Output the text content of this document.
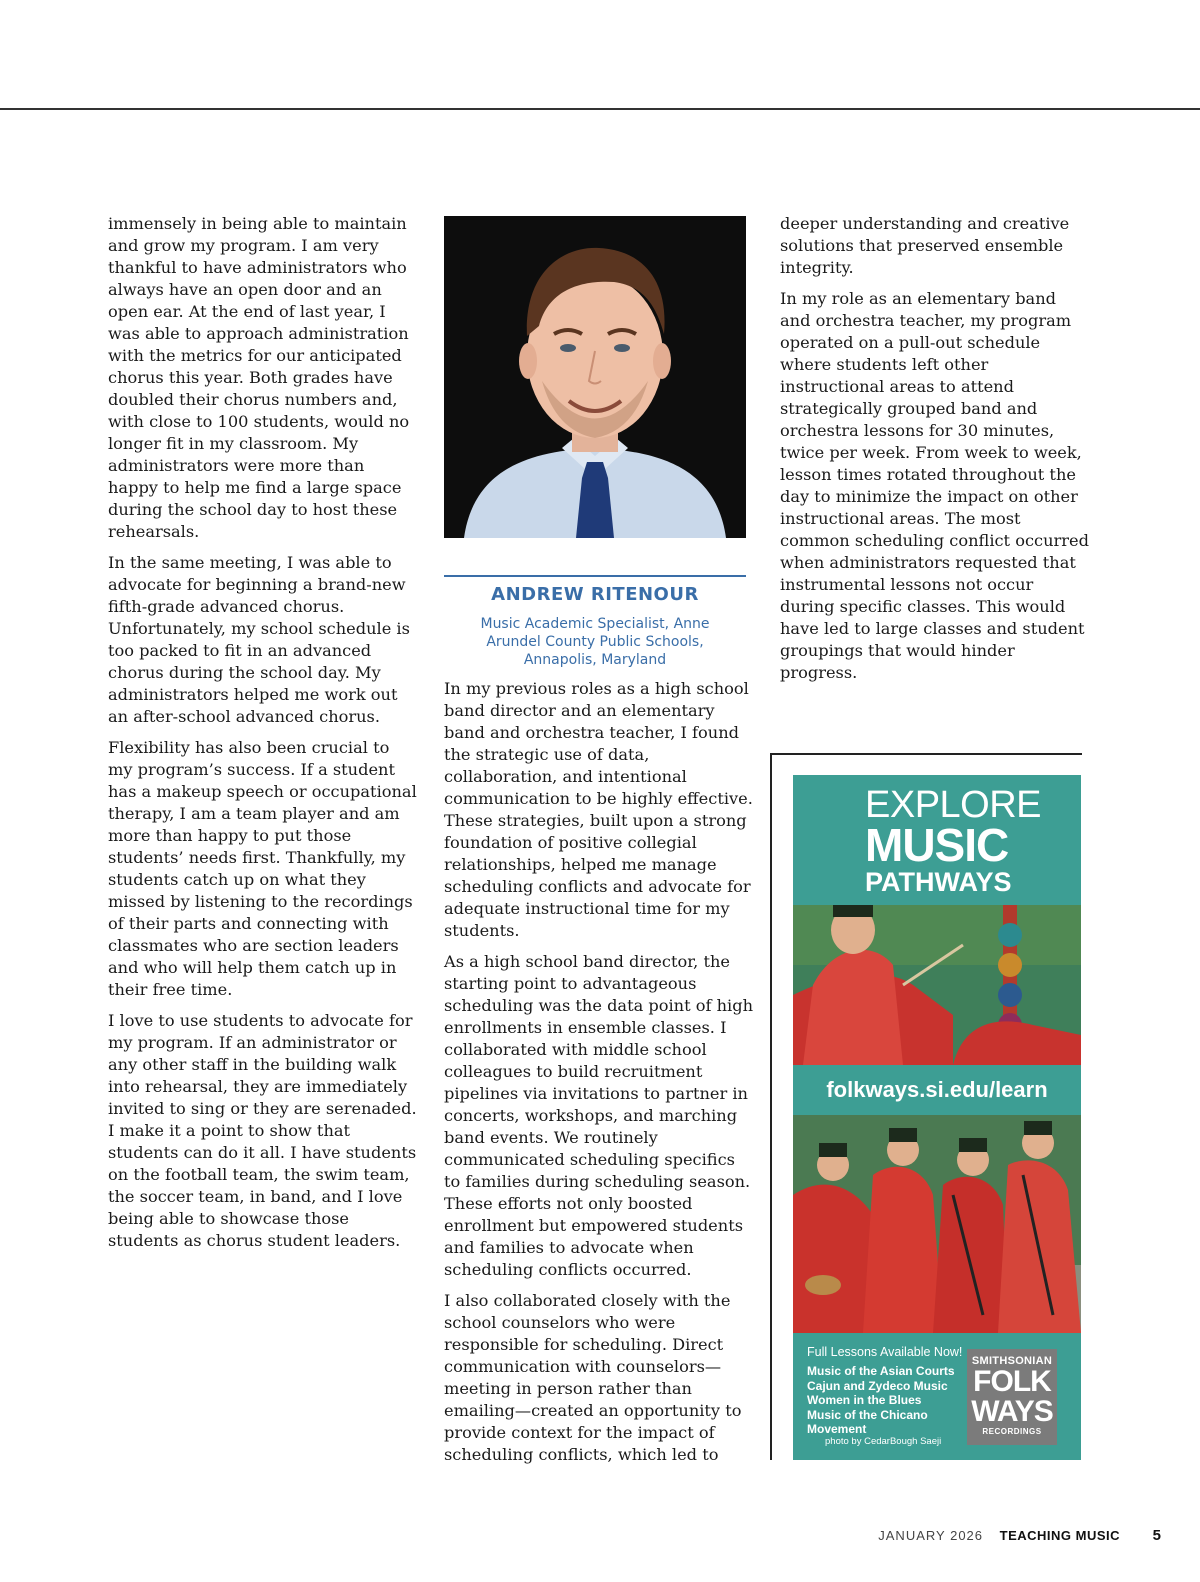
immensely in being able to maintain and grow my program. I am very thankful to have administrators who always have an open door and an open ear. At the end of last year, I was able to approach administration with the metrics for our anticipated chorus this year. Both grades have doubled their chorus numbers and, with close to 100 students, would no longer fit in my classroom. My administrators were more than happy to help me find a large space during the school day to host these rehearsals.

In the same meeting, I was able to advocate for beginning a brand-new fifth-grade advanced chorus. Unfortunately, my school schedule is too packed to fit in an advanced chorus during the school day. My administrators helped me work out an after-school advanced chorus.

Flexibility has also been crucial to my program’s success. If a student has a makeup speech or occupational therapy, I am a team player and am more than happy to put those students’ needs first. Thankfully, my students catch up on what they missed by listening to the recordings of their parts and connecting with classmates who are section leaders and who will help them catch up in their free time.

I love to use students to advocate for my program. If an administrator or any other staff in the building walk into rehearsal, they are immediately invited to sing or they are serenaded. I make it a point to show that students can do it all. I have students on the football team, the swim team, the soccer team, in band, and I love being able to showcase those students as chorus student leaders.

ANDREW RITENOUR
Music Academic Specialist, Anne Arundel County Public Schools, Annapolis, Maryland

In my previous roles as a high school band director and an elementary band and orchestra teacher, I found the strategic use of data, collaboration, and intentional communication to be highly effective. These strategies, built upon a strong foundation of positive collegial relationships, helped me manage scheduling conflicts and advocate for adequate instructional time for my students.

As a high school band director, the starting point to advantageous scheduling was the data point of high enrollments in ensemble classes. I collaborated with middle school colleagues to build recruitment pipelines via invitations to partner in concerts, workshops, and marching band events. We routinely communicated scheduling specifics to families during scheduling season. These efforts not only boosted enrollment but empowered students and families to advocate when scheduling conflicts occurred.

I also collaborated closely with the school counselors who were responsible for scheduling. Direct communication with counselors—meeting in person rather than emailing—created an opportunity to provide context for the impact of scheduling conflicts, which led to

deeper understanding and creative solutions that preserved ensemble integrity.

In my role as an elementary band and orchestra teacher, my program operated on a pull-out schedule where students left other instructional areas to attend strategically grouped band and orchestra lessons for 30 minutes, twice per week. From week to week, lesson times rotated throughout the day to minimize the impact on other instructional areas. The most common scheduling conflict occurred when administrators requested that instrumental lessons not occur during specific classes. This would have led to large classes and student groupings that would hinder progress.

EXPLORE
MUSIC
PATHWAYS
folkways.si.edu/learn
Full Lessons Available Now!
Music of the Asian Courts
Cajun and Zydeco Music
Women in the Blues
Music of the Chicano Movement
photo by CedarBough Saeji
SMITHSONIAN
FOLK
WAYS
RECORDINGS
JANUARY 2026 TEACHING MUSIC 5
